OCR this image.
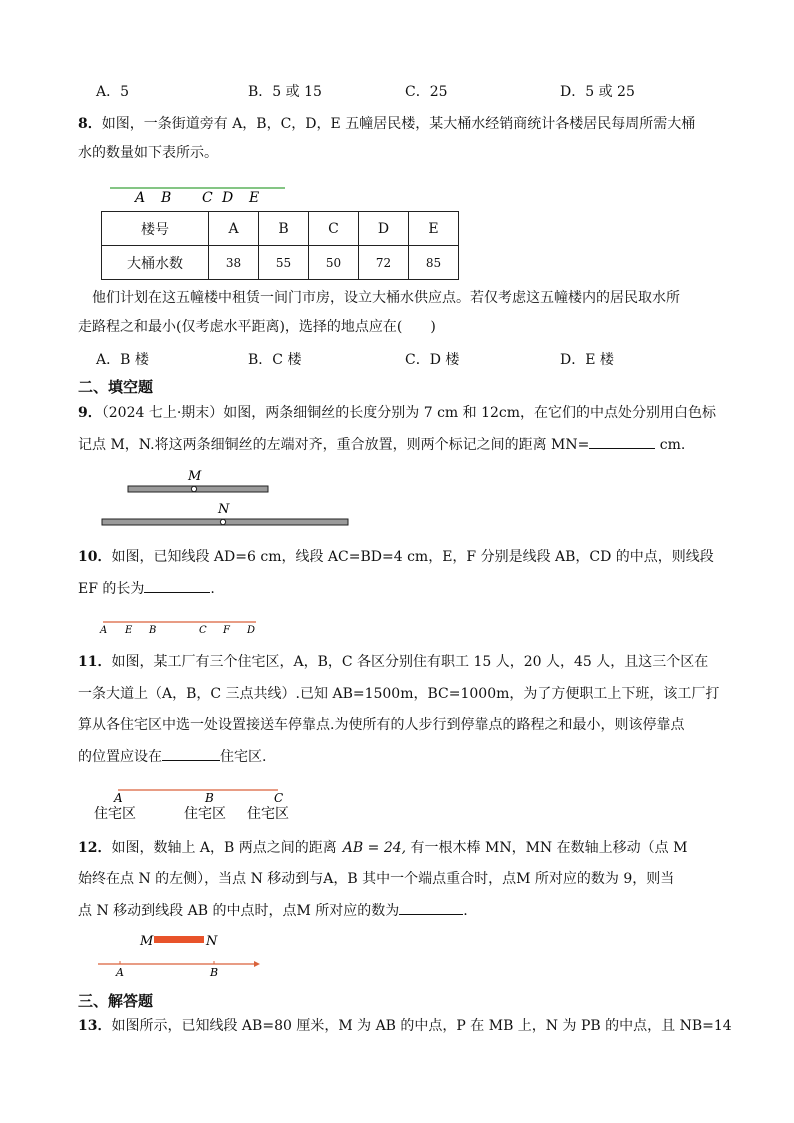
A．5	B．5 或 15	C．25	D．5 或 25
8．如图，一条街道旁有 A，B，C，D，E 五幢居民楼，某大桶水经销商统计各楼居民每周所需大桶
水的数量如下表所示。
A B C D E
楼号	A	B	C	D	E
大桶水数	38	55	50	72	85
他们计划在这五幢楼中租赁一间门市房，设立大桶水供应点。若仅考虑这五幢楼内的居民取水所
走路程之和最小(仅考虑水平距离)，选择的地点应在(　　)
A．B 楼	B．C 楼	C．D 楼	D．E 楼
二、填空题
9．（2024 七上·期末）如图，两条细铜丝的长度分别为 7 cm 和 12cm，在它们的中点处分别用白色标
记点 M，N.将这两条细铜丝的左端对齐，重合放置，则两个标记之间的距离 MN=	cm.
M
N
10．如图，已知线段 AD=6 cm，线段 AC=BD=4 cm，E，F 分别是线段 AB，CD 的中点，则线段
EF 的长为	.
A E B	C F D
11．如图，某工厂有三个住宅区，A，B，C 各区分别住有职工 15 人，20 人，45 人，且这三个区在
一条大道上（A，B，C 三点共线）.已知 AB=1500m，BC=1000m，为了方便职工上下班，该工厂打
算从各住宅区中选一处设置接送车停靠点.为使所有的人步行到停靠点的路程之和最小，则该停靠点
的位置应设在	住宅区.
A	B	C
住宅区	住宅区 住宅区
12．如图，数轴上 A，B 两点之间的距离 AB = 24, 有一根木棒 MN，MN 在数轴上移动（点 M
始终在点 N 的左侧），当点 N 移动到与A，B 其中一个端点重合时，点M 所对应的数为 9，则当
点 N 移动到线段 AB 的中点时，点M 所对应的数为	.
M	N
A	B
三、解答题
13．如图所示，已知线段 AB=80 厘米，M 为 AB 的中点，P 在 MB 上，N 为 PB 的中点，且 NB=14
